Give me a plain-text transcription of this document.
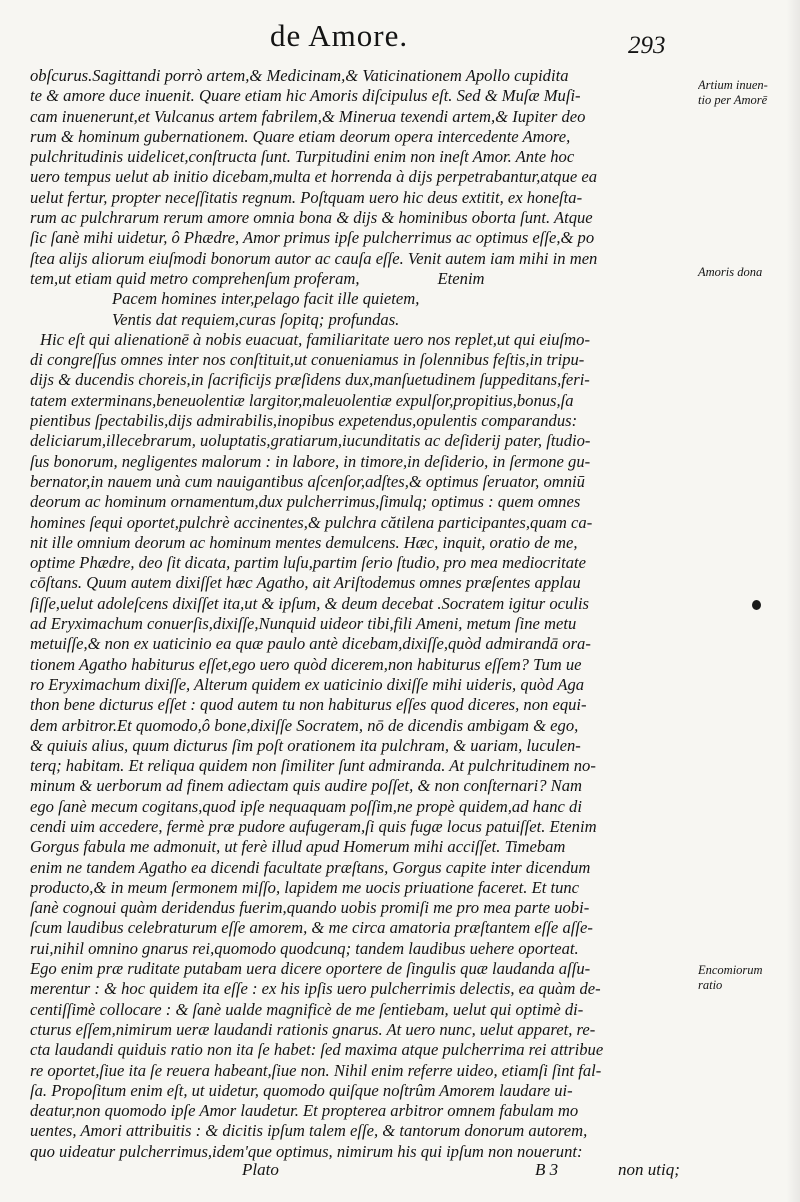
de Amore.	293
obſcurus.Sagittandi porrò artem,& Medicinam,& Vaticinationem Apollo cupidita
te & amore duce inuenit. Quare etiam hic Amoris diſcipulus eſt. Sed & Muſæ Muſi-
cam inuenerunt,et Vulcanus artem fabrilem,& Minerua texendi artem,& Iupiter deo
rum & hominum gubernationem. Quare etiam deorum opera intercedente Amore,
pulchritudinis uidelicet,conſtructa ſunt. Turpitudini enim non ineſt Amor. Ante hoc
uero tempus uelut ab initio dicebam,multa et horrenda à dijs perpetrabantur,atque ea
uelut fertur, propter neceſſitatis regnum. Poſtquam uero hic deus extitit, ex honeſta-
rum ac pulchrarum rerum amore omnia bona & dijs & hominibus oborta ſunt. Atque
ſic ſanè mihi uidetur, ô Phædre, Amor primus ipſe pulcherrimus ac optimus eſſe,& po
ſtea alijs aliorum eiuſmodi bonorum autor ac cauſa eſſe. Venit autem iam mihi in men
tem,ut etiam quid metro comprehenſum proferam,	Etenim
Pacem homines inter,pelago facit ille quietem,
Ventis dat requiem,curas ſopitq; profundas.
Hic eſt qui alienationē à nobis euacuat, familiaritate uero nos replet,ut qui eiuſmo-
di congreſſus omnes inter nos conſtituit,ut conueniamus in ſolennibus feſtis,in tripu-
dijs & ducendis choreis,in ſacrificijs præſidens dux,manſuetudinem ſuppeditans,feri-
tatem exterminans,beneuolentiæ largitor,maleuolentiæ expulſor,propitius,bonus,ſa
pientibus ſpectabilis,dijs admirabilis,inopibus expetendus,opulentis comparandus:
deliciarum,illecebrarum, uoluptatis,gratiarum,iucunditatis ac deſiderij pater, ſtudio-
ſus bonorum, negligentes malorum : in labore, in timore,in deſiderio, in ſermone gu-
bernator,in nauem unà cum nauigantibus aſcenſor,adſtes,& optimus ſeruator, omniū
deorum ac hominum ornamentum,dux pulcherrimus,ſimulq; optimus : quem omnes
homines ſequi oportet,pulchrè accinentes,& pulchra cătilena participantes,quam ca-
nit ille omnium deorum ac hominum mentes demulcens. Hæc, inquit, oratio de me,
optime Phædre, deo ſit dicata, partim luſu,partim ſerio ſtudio, pro mea mediocritate
cōſtans. Quum autem dixiſſet hæc Agatho, ait Ariſtodemus omnes præſentes applau
ſiſſe,uelut adoleſcens dixiſſet ita,ut & ipſum, & deum decebat .Socratem igitur oculis
ad Eryximachum conuerſis,dixiſſe,Nunquid uideor tibi,fili Ameni, metum ſine metu
metuiſſe,& non ex uaticinio ea quæ paulo antè dicebam,dixiſſe,quòd admirandā ora-
tionem Agatho habiturus eſſet,ego uero quòd dicerem,non habiturus eſſem? Tum ue
ro Eryximachum dixiſſe, Alterum quidem ex uaticinio dixiſſe mihi uideris, quòd Aga
thon bene dicturus eſſet : quod autem tu non habiturus eſſes quod diceres, non equi-
dem arbitror.Et quomodo,ô bone,dixiſſe Socratem, nō de dicendis ambigam & ego,
& quiuis alius, quum dicturus ſim poſt orationem ita pulchram, & uariam, luculen-
terq; habitam. Et reliqua quidem non ſimiliter ſunt admiranda. At pulchritudinem no-
minum & uerborum ad finem adiectam quis audire poſſet, & non conſternari? Nam
ego ſanè mecum cogitans,quod ipſe nequaquam poſſim,ne propè quidem,ad hanc di
cendi uim accedere, fermè præ pudore aufugeram,ſi quis fugæ locus patuiſſet. Etenim
Gorgus fabula me admonuit, ut ferè illud apud Homerum mihi acciſſet. Timebam
enim ne tandem Agatho ea dicendi facultate præſtans, Gorgus capite inter dicendum
producto,& in meum ſermonem miſſo, lapidem me uocis priuatione faceret. Et tunc
ſanè cognoui quàm deridendus fuerim,quando uobis promiſi me pro mea parte uobi-
ſcum laudibus celebraturum eſſe amorem, & me circa amatoria præſtantem eſſe aſſe-
rui,nihil omnino gnarus rei,quomodo quodcunq; tandem laudibus uehere oporteat.
Ego enim præ ruditate putabam uera dicere oportere de ſingulis quæ laudanda aſſu-
merentur : & hoc quidem ita eſſe : ex his ipſis uero pulcherrimis delectis, ea quàm de-
centiſſimè collocare : & ſanè ualde magnificè de me ſentiebam, uelut qui optimè di-
cturus eſſem,nimirum ueræ laudandi rationis gnarus. At uero nunc, uelut apparet, re-
cta laudandi quiduis ratio non ita ſe habet: ſed maxima atque pulcherrima rei attribue
re oportet,ſiue ita ſe reuera habeant,ſiue non. Nihil enim referre uideo, etiamſi ſint fal-
ſa. Propoſitum enim eſt, ut uidetur, quomodo quiſque noſtrûm Amorem laudare ui-
deatur,non quomodo ipſe Amor laudetur. Et propterea arbitror omnem fabulam mo
uentes, Amori attribuitis : & dicitis ipſum talem eſſe, & tantorum donorum autorem,
quo uideatur pulcherrimus,idem'que optimus, nimirum his qui ipſum non nouerunt:
Artium inuen-
tio per Amorē
Amoris dona
Encomiorum
ratio
Plato	B 3	non utiq;
